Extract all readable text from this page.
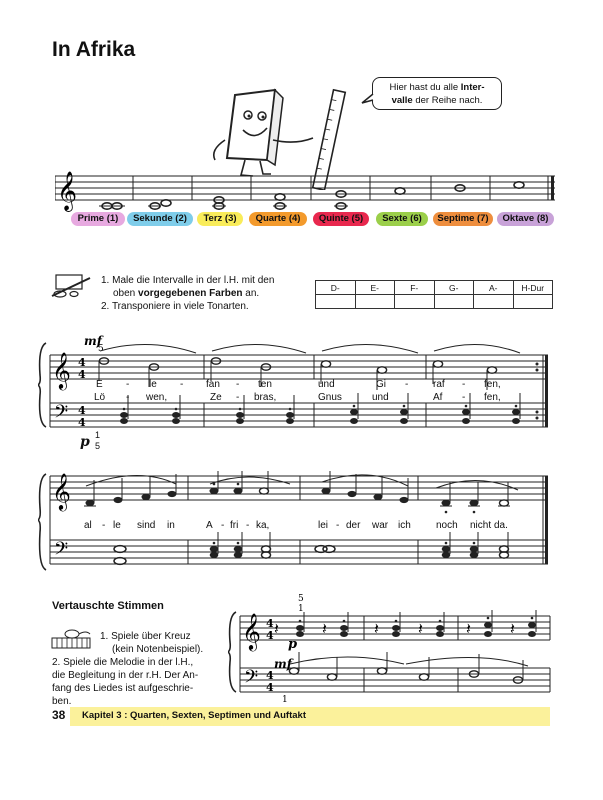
In Afrika
Hier hast du alle Inter-
valle der Reihe nach.
𝄞
Prime (1)	Sekunde (2)	Terz (3)	Quarte (4)	Quinte (5)	Sexte (6)	Septime (7)	Oktave (8)
1. Male die Intervalle in der l.H. mit den
oben vorgegebenen Farben an.
2. Transponiere in viele Tonarten.
D-	E-	F-	G-	A-	H-Dur

𝄞
𝄢
4
4
4
4
mf
5
p 1
5
E - le - fan - ten	und	Gi - raf - fen,
Lö - wen,	Ze - bras,	Gnus	und	Af - fen,
𝄞
𝄢
al - le sind in	A - fri - ka,	lei - der war ich	noch nicht da.
Vertauschte Stimmen
1. Spiele über Kreuz
(kein Notenbeispiel).
2. Spiele die Melodie in der l.H.,
die Begleitung in der r.H. Der An-
fang des Liedes ist aufgeschrie-
ben.
𝄞
𝄢
4
4
4
4
5
1
1
p
mf
𝄽	𝄽	𝄽 𝄽	𝄽 𝄽
38 Kapitel 3 : Quarten, Sexten, Septimen und Auftakt
